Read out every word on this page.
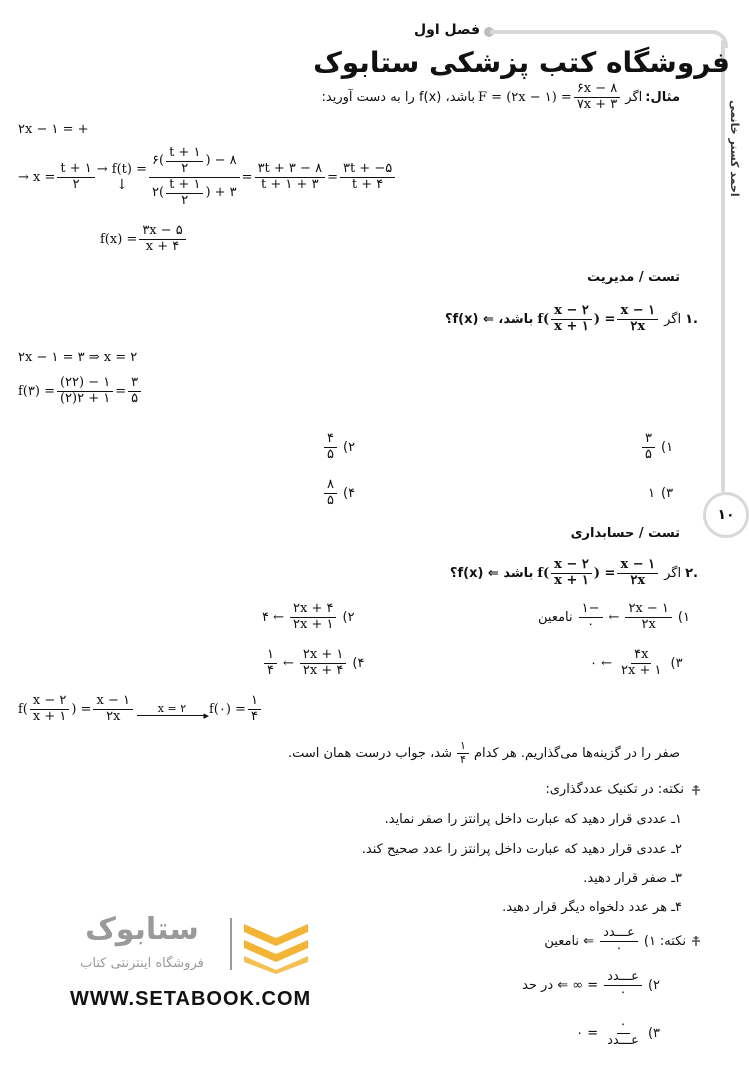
احمد کسنر خانمی
۱۰
فصل اول
فروشگاه کتب پزشکی ستابوک
مثال:
اگر
F = (۲x − ۱) = $\frac{۶x - ۸}{۷x + ۳}$
باشد، f(x) را به دست آورید:
۲x − ۱ = +
→ x =
t + ۱
۲
→ f(t) =
↓ ۶(
t + ۱
۲
) − ۸
۲(
t + ۱
۲
) + ۳ = $\frac{۳t + ۳ - ۸}{t + ۱ + ۳} = \frac{۳t + -۵}{t + ۴}$
$f(x) = \frac{۳x - ۵}{x + ۴}$
تست / مدیریت
.۱
اگر
f(
x − ۲
x + ۱ ) = $\frac{x - ۱}{۲x}$
باشد، ⇐ f(x)؟
۲x − ۱ = ۳ ⇒ x = ۲
f(۳) =
(۲۲) − ۱
(۲)۲ + ۱ =
۳
۵
۱)
۳
۵
۲)
۴
۵
۳)
۱
۴)
۸
۵
تست / حسابداری
.۲
اگر
f(
x − ۲
x + ۱ ) = $\frac{x - ۱}{۲x}$
باشد ⇐ f(x)؟
۱)
۲x − ۱
۲x
←
−۱
۰
نامعین
۲)
۲x + ۴
۲x + ۱
← ۴
۳)
۴x
۲x + ۱
← ۰
۴)
۲x + ۱
۲x + ۴
←
۱
۴
f(
x − ۲
x + ۱ ) = $\frac{x - ۱}{۲x}$ x = ۲
▸ f(۰) =
۱
۴
صفر را در گزینه‌ها می‌گذاریم. هر کدام
۱
۴
شد، جواب درست همان است.
نکته: در تکنیک عددگذاری:
۱ـ عددی قرار دهید که عبارت داخل پرانتز را صفر نماید.
۲ـ عددی قرار دهید که عبارت داخل پرانتز را عدد صحیح کند.
۳ـ صفر قرار دهید.
۴ـ هر عدد دلخواه دیگر قرار دهید.
نکته:
۱)
عـــدد
۰
⇐ نامعین
۲)
عـــدد
۰
= ∞ ⇐ در حد
۳)
۰
عـــدد
= ۰
ستابوک
فروشگاه اینترنتی کتاب
WWW.SETABOOK.COM
